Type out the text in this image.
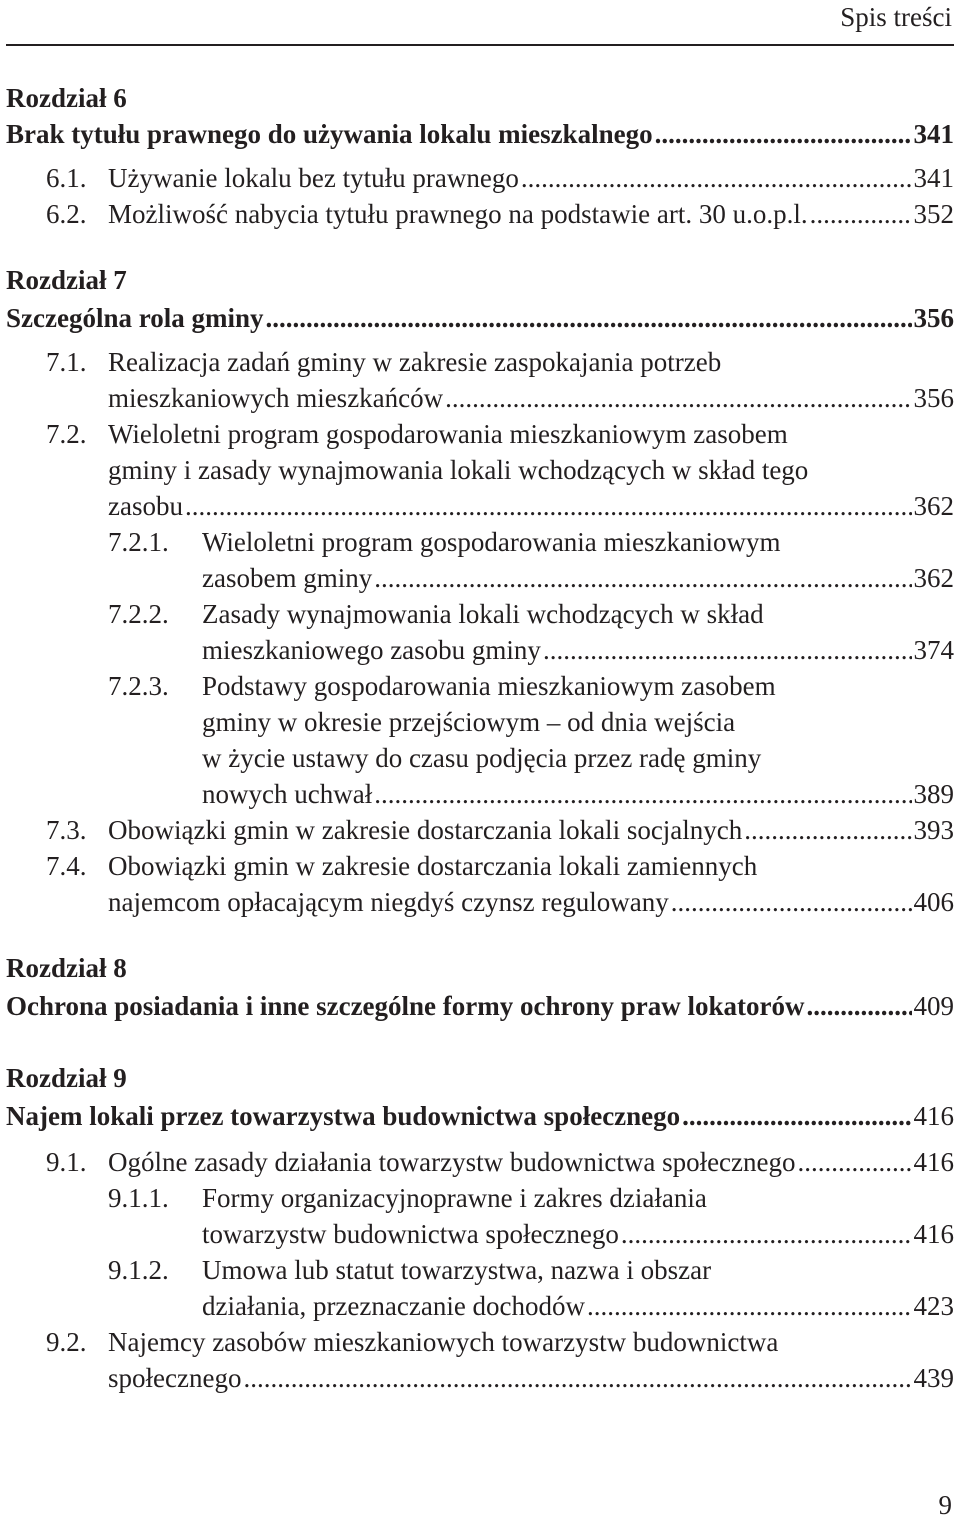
Spis treści
Rozdział 6
Brak tytułu prawnego do używania lokalu mieszkalnego .....	341
6.1. Używanie lokalu bez tytułu prawnego .....	341
6.2. Możliwość nabycia tytułu prawnego na podstawie art. 30 u.o.p.l. .....	352
Rozdział 7
Szczególna rola gminy .....	356
7.1. Realizacja zadań gminy w zakresie zaspokajania potrzeb
mieszkaniowych mieszkańców .....	356
7.2. Wieloletni program gospodarowania mieszkaniowym zasobem
gminy i zasady wynajmowania lokali wchodzących w skład tego
zasobu .....	362
7.2.1.	Wieloletni program gospodarowania mieszkaniowym
zasobem gminy .....	362
7.2.2.	Zasady wynajmowania lokali wchodzących w skład
mieszkaniowego zasobu gminy .....	374
7.2.3.	Podstawy gospodarowania mieszkaniowym zasobem
gminy w okresie przejściowym – od dnia wejścia
w życie ustawy do czasu podjęcia przez radę gminy
nowych uchwał .....	389
7.3. Obowiązki gmin w zakresie dostarczania lokali socjalnych .....	393
7.4. Obowiązki gmin w zakresie dostarczania lokali zamiennych
najemcom opłacającym niegdyś czynsz regulowany .....	406
Rozdział 8
Ochrona posiadania i inne szczególne formy ochrony praw lokatorów .....	409
Rozdział 9
Najem lokali przez towarzystwa budownictwa społecznego .....	416
9.1. Ogólne zasady działania towarzystw budownictwa społecznego .....	416
9.1.1.	Formy organizacyjnoprawne i zakres działania
towarzystw budownictwa społecznego .....	416
9.1.2.	Umowa lub statut towarzystwa, nazwa i obszar
działania, przeznaczanie dochodów .....	423
9.2. Najemcy zasobów mieszkaniowych towarzystw budownictwa
społecznego .....	439
9
